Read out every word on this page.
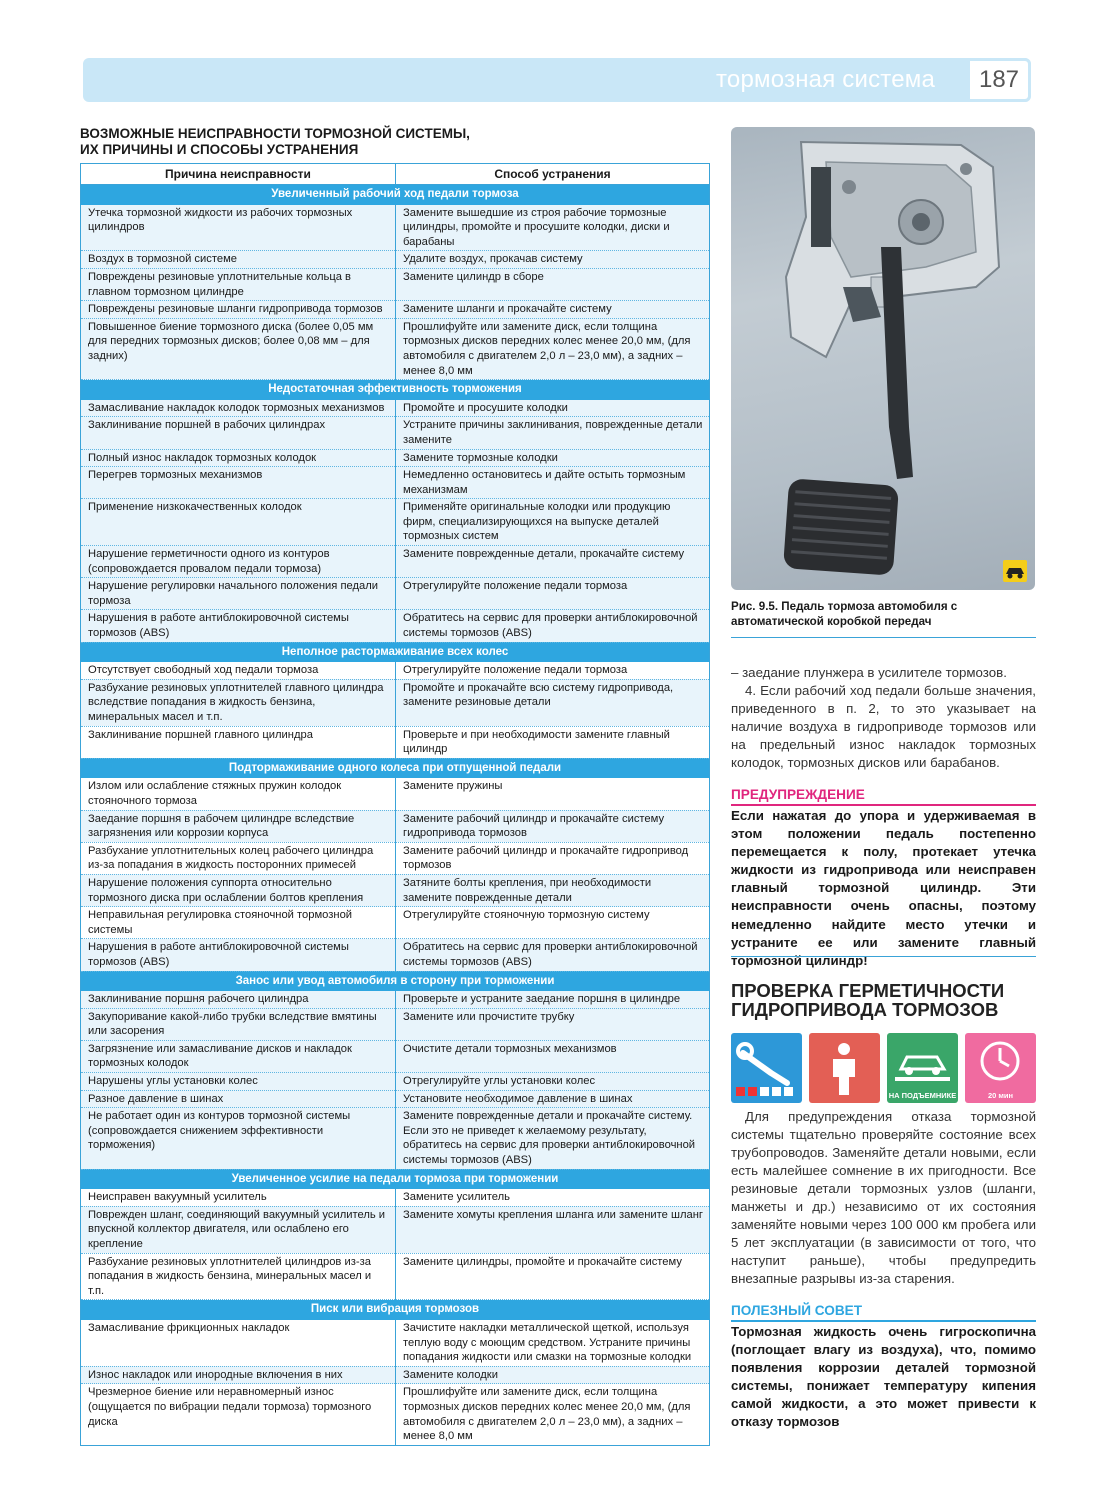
тормозная система	187
ВОЗМОЖНЫЕ НЕИСПРАВНОСТИ ТОРМОЗНОЙ СИСТЕМЫ,
ИХ ПРИЧИНЫ И СПОСОБЫ УСТРАНЕНИЯ
Причина неисправности	Способ устранения
Увеличенный рабочий ход педали тормоза	
Утечка тормозной жидкости из рабочих тормозных цилиндров	Замените вышедшие из строя рабочие тормозные цилиндры, промойте и просушите колодки, диски и барабаны
Воздух в тормозной системе	Удалите воздух, прокачав систему
Повреждены резиновые уплотнительные кольца в главном тормозном цилиндре	Замените цилиндр в сборе
Повреждены резиновые шланги гидропривода тормозов	Замените шланги и прокачайте систему
Повышенное биение тормозного диска (более 0,05 мм для передних тормозных дисков; более 0,08 мм – для задних)	Прошлифуйте или замените диск, если толщина тормозных дисков передних колес менее 20,0 мм, (для автомобиля с двигателем 2,0 л – 23,0 мм), а задних – менее 8,0 мм
Недостаточная эффективность торможения	
Замасливание накладок колодок тормозных механизмов	Промойте и просушите колодки
Заклинивание поршней в рабочих цилиндрах	Устраните причины заклинивания, поврежденные детали замените
Полный износ накладок тормозных колодок	Замените тормозные колодки
Перегрев тормозных механизмов	Немедленно остановитесь и дайте остыть тормозным механизмам
Применение низкокачественных колодок	Применяйте оригинальные колодки или продукцию фирм, специализирующихся на выпуске деталей тормозных систем
Нарушение герметичности одного из контуров (сопровождается провалом педали тормоза)	Замените поврежденные детали, прокачайте систему
Нарушение регулировки начального положения педали тормоза	Отрегулируйте положение педали тормоза
Нарушения в работе антиблокировочной системы тормозов (ABS)	Обратитесь на сервис для проверки антиблокировочной системы тормозов (ABS)
Неполное растормаживание всех колес	
Отсутствует свободный ход педали тормоза	Отрегулируйте положение педали тормоза
Разбухание резиновых уплотнителей главного цилиндра вследствие попадания в жидкость бензина, минеральных масел и т.п.	Промойте и прокачайте всю систему гидропривода, замените резиновые детали
Заклинивание поршней главного цилиндра	Проверьте и при необходимости замените главный цилиндр
Подтормаживание одного колеса при отпущенной педали	
Излом или ослабление стяжных пружин колодок стояночного тормоза	Замените пружины
Заедание поршня в рабочем цилиндре вследствие загрязнения или коррозии корпуса	Замените рабочий цилиндр и прокачайте систему гидропривода тормозов
Разбухание уплотнительных колец рабочего цилиндра из-за попадания в жидкость посторонних примесей	Замените рабочий цилиндр и прокачайте гидропривод тормозов
Нарушение положения суппорта относительно тормозного диска при ослаблении болтов крепления	Затяните болты крепления, при необходимости замените поврежденные детали
Неправильная регулировка стояночной тормозной системы	Отрегулируйте стояночную тормозную систему
Нарушения в работе антиблокировочной системы тормозов (ABS)	Обратитесь на сервис для проверки антиблокировочной системы тормозов (ABS)
Занос или увод автомобиля в сторону при торможении	
Заклинивание поршня рабочего цилиндра	Проверьте и устраните заедание поршня в цилиндре
Закупоривание какой-либо трубки вследствие вмятины или засорения	Замените или прочистите трубку
Загрязнение или замасливание дисков и накладок тормозных колодок	Очистите детали тормозных механизмов
Нарушены углы установки колес	Отрегулируйте углы установки колес
Разное давление в шинах	Установите необходимое давление в шинах
Не работает один из контуров тормозной системы (сопровождается снижением эффективности торможения)	Замените поврежденные детали и прокачайте систему. Если это не приведет к желаемому результату, обратитесь на сервис для проверки антиблокировочной системы тормозов (ABS)
Увеличенное усилие на педали тормоза при торможении	
Неисправен вакуумный усилитель	Замените усилитель
Поврежден шланг, соединяющий вакуумный усилитель и впускной коллектор двигателя, или ослаблено его крепление	Замените хомуты крепления шланга или замените шланг
Разбухание резиновых уплотнителей цилиндров из-за попадания в жидкость бензина, минеральных масел и т.п.	Замените цилиндры, промойте и прокачайте систему
Писк или вибрация тормозов	
Замасливание фрикционных накладок	Зачистите накладки металлической щеткой, используя теплую воду с моющим средством. Устраните причины попадания жидкости или смазки на тормозные колодки
Износ накладок или инородные включения в них	Замените колодки
Чрезмерное биение или неравномерный износ (ощущается по вибрации педали тормоза) тормозного диска	Прошлифуйте или замените диск, если толщина тормозных дисков передних колес менее 20,0 мм, (для автомобиля с двигателем 2,0 л – 23,0 мм), а задних – менее 8,0 мм
Рис. 9.5. Педаль тормоза автомобиля с автоматической коробкой передач
– заедание плунжера в усилителе тормозов.
4. Если рабочий ход педали больше значения, приведенного в п. 2, то это указывает на наличие воздуха в гидроприводе тормозов или на предельный износ накладок тормозных колодок, тормозных дисков или барабанов.
ПРЕДУПРЕЖДЕНИЕ
Если нажатая до упора и удерживаемая в этом положении педаль постепенно перемещается к полу, протекает утечка жидкости из гидропривода или неисправен главный тормозной цилиндр. Эти неисправности очень опасны, поэтому немедленно найдите место утечки и устраните ее или замените главный тормозной цилиндр!
ПРОВЕРКА ГЕРМЕТИЧНОСТИ
ГИДРОПРИВОДА ТОРМОЗОВ
НА ПОДЪЕМНИКЕ	20 мин
Для предупреждения отказа тормозной системы тщательно проверяйте состояние всех трубопроводов. Заменяйте детали новыми, если есть малейшее сомнение в их пригодности. Все резиновые детали тормозных узлов (шланги, манжеты и др.) независимо от их состояния заменяйте новыми через 100 000 км пробега или 5 лет эксплуатации (в зависимости от того, что наступит раньше), чтобы предупредить внезапные разрывы из-за старения.
ПОЛЕЗНЫЙ СОВЕТ
Тормозная жидкость очень гигроскопична (поглощает влагу из воздуха), что, помимо появления коррозии деталей тормозной системы, понижает температуру кипения самой жидкости, а это может привести к отказу тормозов
